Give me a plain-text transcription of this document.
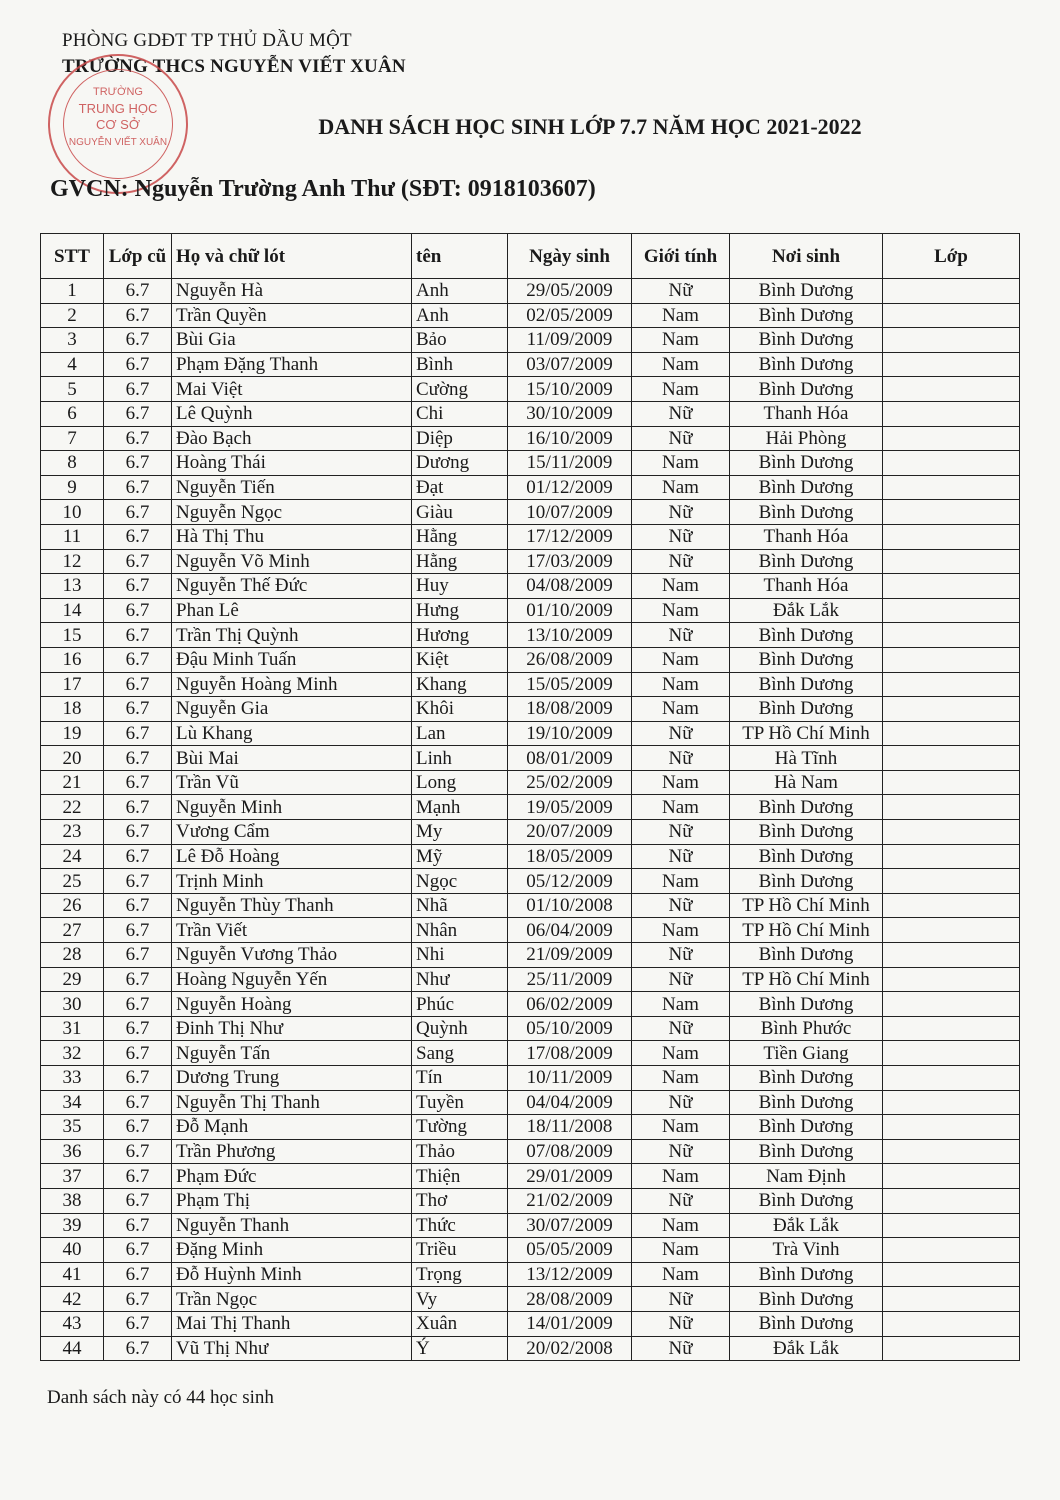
PHÒNG GDĐT TP THỦ DẦU MỘT
TRƯỜNG THCS NGUYỄN VIẾT XUÂN
TRƯỜNG
TRUNG HỌC
CƠ SỞ
NGUYỄN VIẾT XUÂN
DANH SÁCH HỌC SINH LỚP 7.7 NĂM HỌC 2021-2022
GVCN: Nguyễn Trường Anh Thư (SĐT: 0918103607)
STT	Lớp cũ	Họ và chữ lót	tên	Ngày sinh	Giới tính	Nơi sinh	Lớp
1	6.7	Nguyễn Hà	Anh	29/05/2009	Nữ	Bình Dương	
2	6.7	Trần Quyền	Anh	02/05/2009	Nam	Bình Dương	
3	6.7	Bùi Gia	Bảo	11/09/2009	Nam	Bình Dương	
4	6.7	Phạm Đặng Thanh	Bình	03/07/2009	Nam	Bình Dương	
5	6.7	Mai Việt	Cường	15/10/2009	Nam	Bình Dương	
6	6.7	Lê Quỳnh	Chi	30/10/2009	Nữ	Thanh Hóa	
7	6.7	Đào Bạch	Diệp	16/10/2009	Nữ	Hải Phòng	
8	6.7	Hoàng Thái	Dương	15/11/2009	Nam	Bình Dương	
9	6.7	Nguyễn Tiến	Đạt	01/12/2009	Nam	Bình Dương	
10	6.7	Nguyễn Ngọc	Giàu	10/07/2009	Nữ	Bình Dương	
11	6.7	Hà Thị Thu	Hằng	17/12/2009	Nữ	Thanh Hóa	
12	6.7	Nguyễn Võ Minh	Hằng	17/03/2009	Nữ	Bình Dương	
13	6.7	Nguyễn Thế Đức	Huy	04/08/2009	Nam	Thanh Hóa	
14	6.7	Phan Lê	Hưng	01/10/2009	Nam	Đắk Lắk	
15	6.7	Trần Thị Quỳnh	Hương	13/10/2009	Nữ	Bình Dương	
16	6.7	Đậu Minh Tuấn	Kiệt	26/08/2009	Nam	Bình Dương	
17	6.7	Nguyễn Hoàng Minh	Khang	15/05/2009	Nam	Bình Dương	
18	6.7	Nguyễn Gia	Khôi	18/08/2009	Nam	Bình Dương	
19	6.7	Lù Khang	Lan	19/10/2009	Nữ	TP Hồ Chí Minh	
20	6.7	Bùi Mai	Linh	08/01/2009	Nữ	Hà Tĩnh	
21	6.7	Trần Vũ	Long	25/02/2009	Nam	Hà Nam	
22	6.7	Nguyễn Minh	Mạnh	19/05/2009	Nam	Bình Dương	
23	6.7	Vương Cẩm	My	20/07/2009	Nữ	Bình Dương	
24	6.7	Lê Đỗ Hoàng	Mỹ	18/05/2009	Nữ	Bình Dương	
25	6.7	Trịnh Minh	Ngọc	05/12/2009	Nam	Bình Dương	
26	6.7	Nguyễn Thùy Thanh	Nhã	01/10/2008	Nữ	TP Hồ Chí Minh	
27	6.7	Trần Viết	Nhân	06/04/2009	Nam	TP Hồ Chí Minh	
28	6.7	Nguyễn Vương Thảo	Nhi	21/09/2009	Nữ	Bình Dương	
29	6.7	Hoàng Nguyễn Yến	Như	25/11/2009	Nữ	TP Hồ Chí Minh	
30	6.7	Nguyễn Hoàng	Phúc	06/02/2009	Nam	Bình Dương	
31	6.7	Đinh Thị Như	Quỳnh	05/10/2009	Nữ	Bình Phước	
32	6.7	Nguyễn Tấn	Sang	17/08/2009	Nam	Tiền Giang	
33	6.7	Dương Trung	Tín	10/11/2009	Nam	Bình Dương	
34	6.7	Nguyễn Thị Thanh	Tuyền	04/04/2009	Nữ	Bình Dương	
35	6.7	Đỗ Mạnh	Tường	18/11/2008	Nam	Bình Dương	
36	6.7	Trần Phương	Thảo	07/08/2009	Nữ	Bình Dương	
37	6.7	Phạm Đức	Thiện	29/01/2009	Nam	Nam Định	
38	6.7	Phạm Thị	Thơ	21/02/2009	Nữ	Bình Dương	
39	6.7	Nguyễn Thanh	Thức	30/07/2009	Nam	Đắk Lắk	
40	6.7	Đặng Minh	Triều	05/05/2009	Nam	Trà Vinh	
41	6.7	Đỗ Huỳnh Minh	Trọng	13/12/2009	Nam	Bình Dương	
42	6.7	Trần Ngọc	Vy	28/08/2009	Nữ	Bình Dương	
43	6.7	Mai Thị Thanh	Xuân	14/01/2009	Nữ	Bình Dương	
44	6.7	Vũ Thị Như	Ý	20/02/2008	Nữ	Đắk Lắk	
Danh sách này có 44 học sinh
